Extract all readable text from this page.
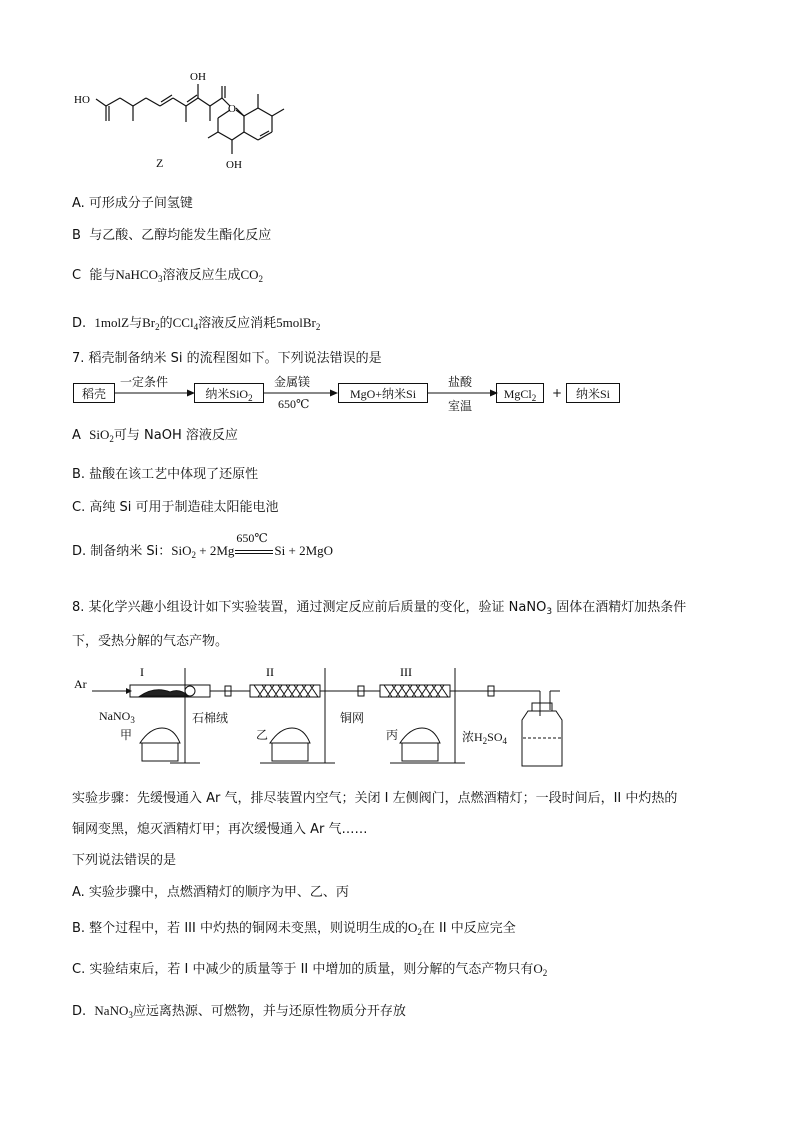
HO
OH
O
OH
Z
A. 可形成分子间氢键
B 与乙酸、乙醇均能发生酯化反应
C 能与NaHCO$_3$溶液反应生成$CO_2$
D. 1molZ与$Br_2$的CCl$_4$溶液反应消耗5molBr$_2$
7. 稻壳制备纳米 Si 的流程图如下。下列说法错误的是
稻壳
一定条件
纳米SiO$_2$
金属镁
650℃
MgO+纳米Si
盐酸
室温
MgCl$_2$	+	纳米Si
A SiO$_2$可与 NaOH 溶液反应
B. 盐酸在该工艺中体现了还原性
C. 高纯 Si 可用于制造硅太阳能电池
D. 制备纳米 Si：SiO$_2$ + 2Mg
650℃
Si + 2MgO
8. 某化学兴趣小组设计如下实验装置，通过测定反应前后质量的变化，验证 NaNO$_3$ 固体在酒精灯加热条件
下，受热分解的气态产物。
Ar
I	II	III
NaNO$_3$	石棉绒
甲	乙
铜网
丙	浓$H_2SO_4$
实验步骤：先缓慢通入 Ar 气，排尽装置内空气；关闭 I 左侧阀门，点燃酒精灯；一段时间后，II 中灼热的
铜网变黑，熄灭酒精灯甲；再次缓慢通入 Ar 气……
下列说法错误的是
A. 实验步骤中，点燃酒精灯的顺序为甲、乙、丙
B. 整个过程中，若 III 中灼热的铜网未变黑，则说明生成的$O_2$在 II 中反应完全
C. 实验结束后，若 I 中减少的质量等于 II 中增加的质量，则分解的气态产物只有$O_2$
D. NaNO$_3$应远离热源、可燃物，并与还原性物质分开存放
